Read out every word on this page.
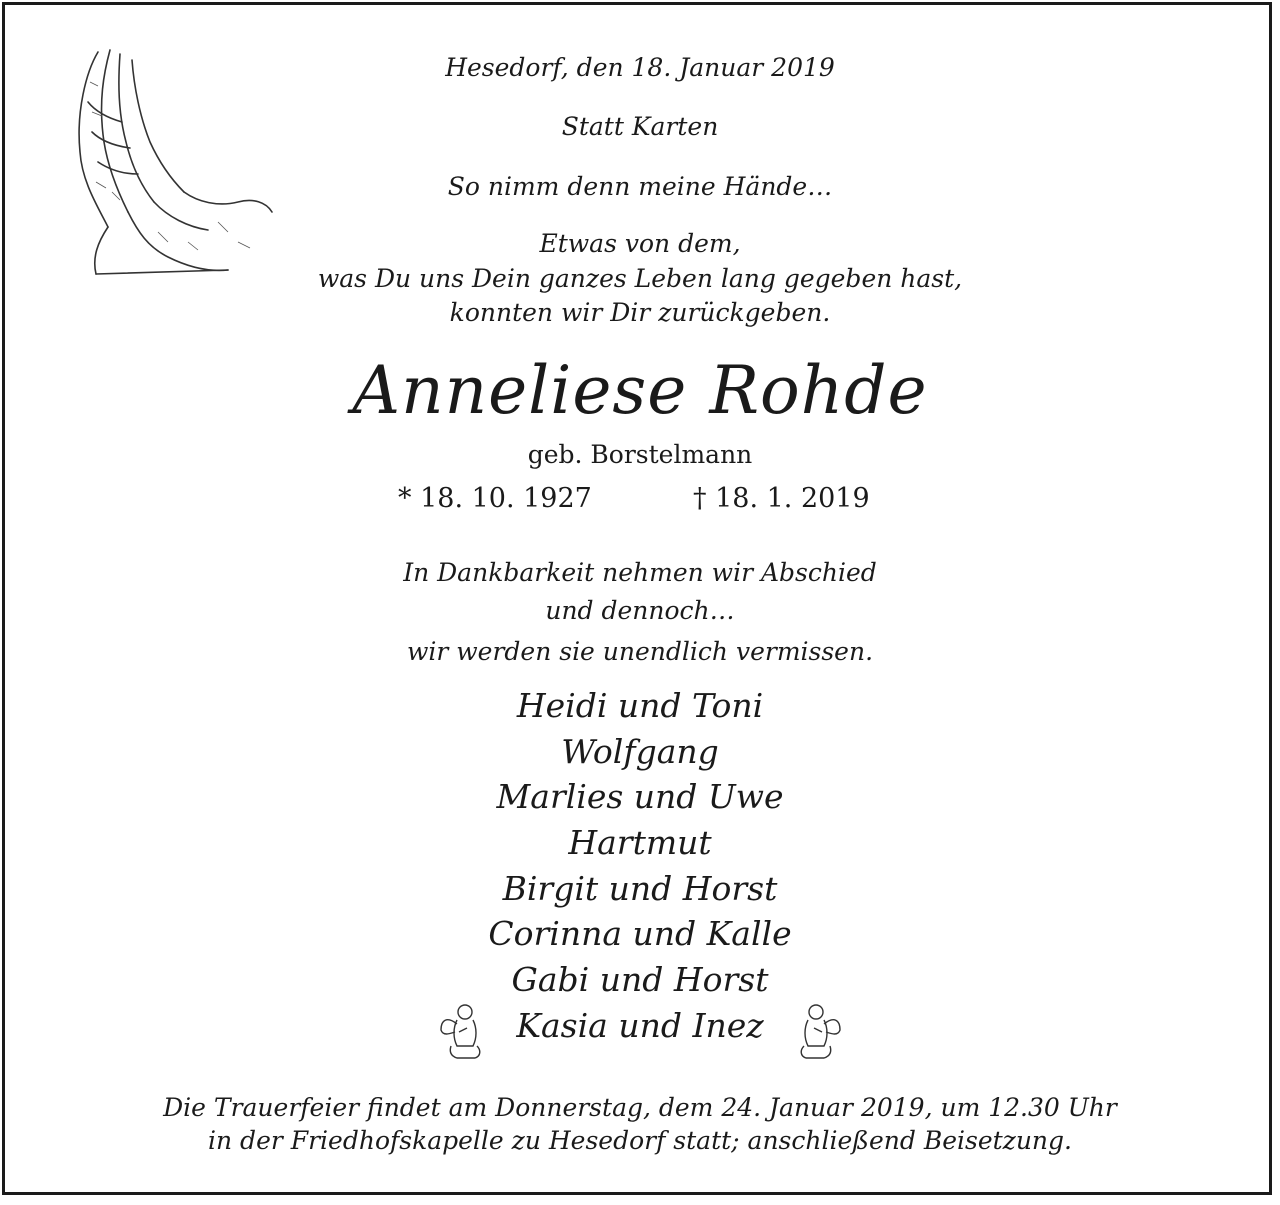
Hesedorf, den 18. Januar 2019
Statt Karten
So nimm denn meine Hände…
Etwas von dem,
was Du uns Dein ganzes Leben lang gegeben hast,
konnten wir Dir zurückgeben.
Anneliese Rohde
geb. Borstelmann
* 18. 10. 1927	† 18. 1. 2019
In Dankbarkeit nehmen wir Abschied
und dennoch…
wir werden sie unendlich vermissen.
Heidi und Toni
Wolfgang
Marlies und Uwe
Hartmut
Birgit und Horst
Corinna und Kalle
Gabi und Horst
Kasia und Inez
Die Trauerfeier findet am Donnerstag, dem 24. Januar 2019, um 12.30 Uhr
in der Friedhofskapelle zu Hesedorf statt; anschließend Beisetzung.
